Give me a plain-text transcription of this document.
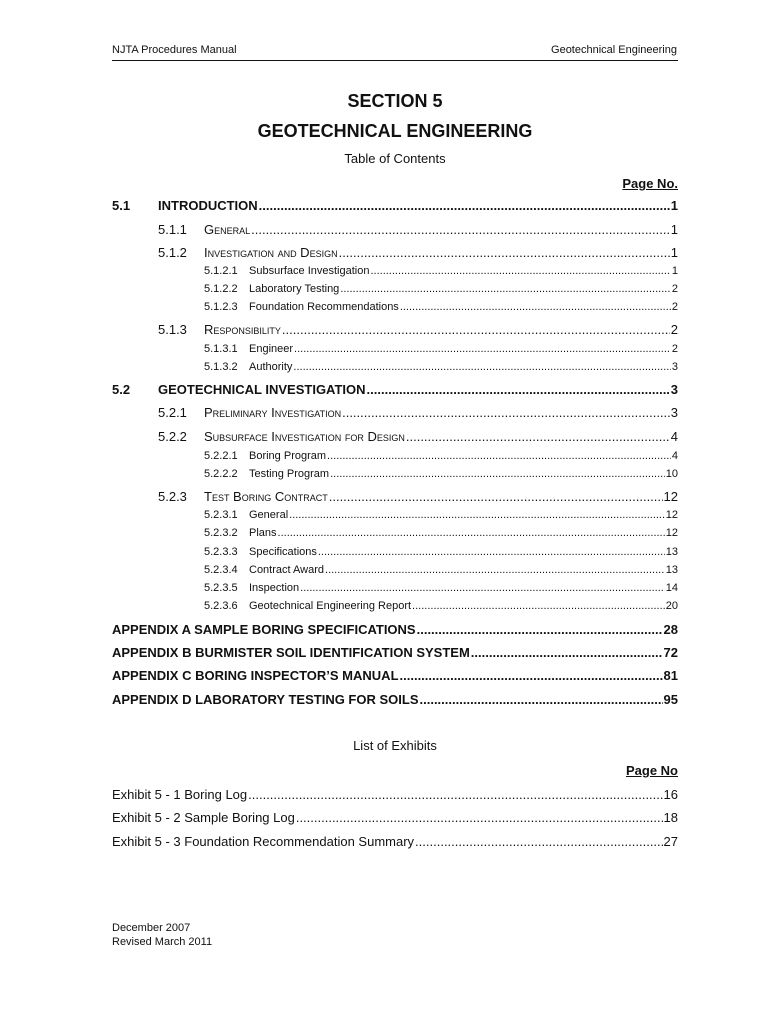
NJTA Procedures Manual	Geotechnical Engineering
SECTION 5
GEOTECHNICAL ENGINEERING
Table of Contents
Page No.
5.1	INTRODUCTION .....	1
5.1.1	General .....	1
5.1.2	Investigation and Design .....	1
5.1.2.1	Subsurface Investigation .....	1
5.1.2.2	Laboratory Testing .....	2
5.1.2.3	Foundation Recommendations .....	2
5.1.3	Responsibility .....	2
5.1.3.1	Engineer .....	2
5.1.3.2	Authority .....	3
5.2	GEOTECHNICAL INVESTIGATION .....	3
5.2.1	Preliminary Investigation .....	3
5.2.2	Subsurface Investigation for Design .....	4
5.2.2.1	Boring Program .....	4
5.2.2.2	Testing Program .....	10
5.2.3	Test Boring Contract .....	12
5.2.3.1	General .....	12
5.2.3.2	Plans .....	12
5.2.3.3	Specifications .....	13
5.2.3.4	Contract Award .....	13
5.2.3.5	Inspection .....	14
5.2.3.6	Geotechnical Engineering Report .....	20
APPENDIX A SAMPLE BORING SPECIFICATIONS .....	28
APPENDIX B BURMISTER SOIL IDENTIFICATION SYSTEM .....	72
APPENDIX C BORING INSPECTOR’S MANUAL .....	81
APPENDIX D LABORATORY TESTING FOR SOILS .....	95
List of Exhibits
Page No
Exhibit 5 - 1 Boring Log .....	16
Exhibit 5 - 2 Sample Boring Log .....	18
Exhibit 5 - 3 Foundation Recommendation Summary .....	27
December 2007
Revised March 2011
